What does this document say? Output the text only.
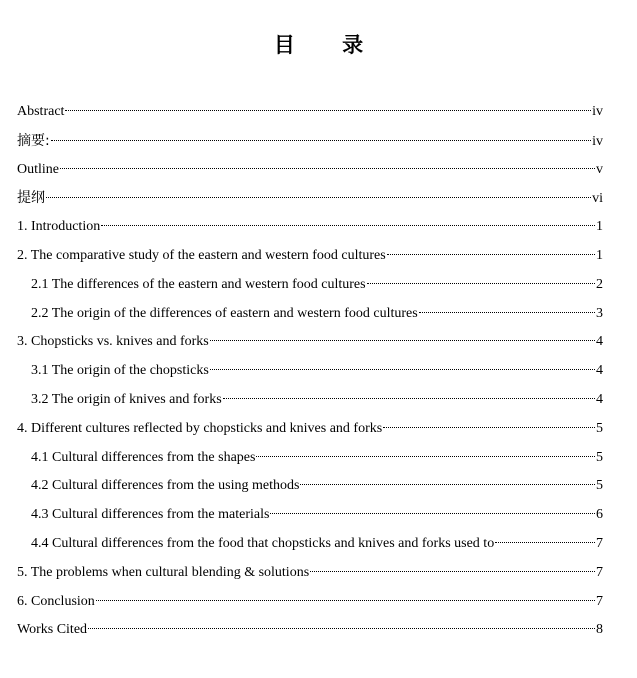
目 录
Abstract	iv
摘要:	iv
Outline	v
提纲	vi
1. Introduction	1
2. The comparative study of the eastern and western food cultures	1
2.1 The differences of the eastern and western food cultures	2
2.2 The origin of the differences of eastern and western food cultures	3
3. Chopsticks vs. knives and forks	4
3.1 The origin of the chopsticks	4
3.2 The origin of knives and forks	4
4. Different cultures reflected by chopsticks and knives and forks	5
4.1 Cultural differences from the shapes	5
4.2 Cultural differences from the using methods	5
4.3 Cultural differences from the materials	6
4.4 Cultural differences from the food that chopsticks and knives and forks used to	7
5. The problems when cultural blending & solutions	7
6. Conclusion	7
Works Cited	8
